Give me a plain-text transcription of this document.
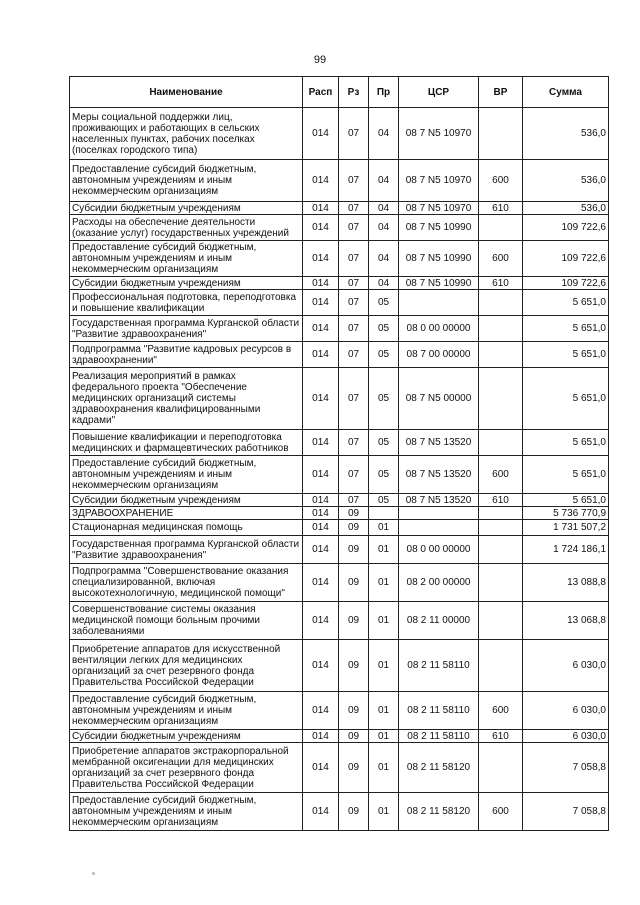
99
Наименование	Расп	Рз	Пр	ЦСР	ВР	Сумма
Меры социальной поддержки лиц, проживающих и работающих в сельских населенных пунктах, рабочих поселках (поселках городского типа)	014	07	04	08 7 N5 10970		536,0
Предоставление субсидий бюджетным, автономным учреждениям и иным некоммерческим организациям	014	07	04	08 7 N5 10970	600	536,0
Субсидии бюджетным учреждениям	014	07	04	08 7 N5 10970	610	536,0
Расходы на обеспечение деятельности (оказание услуг) государственных учреждений	014	07	04	08 7 N5 10990		109 722,6
Предоставление субсидий бюджетным, автономным учреждениям и иным некоммерческим организациям	014	07	04	08 7 N5 10990	600	109 722,6
Субсидии бюджетным учреждениям	014	07	04	08 7 N5 10990	610	109 722,6
Профессиональная подготовка, переподготовка и повышение квалификации	014	07	05			5 651,0
Государственная программа Курганской области "Развитие здравоохранения"	014	07	05	08 0 00 00000		5 651,0
Подпрограмма "Развитие кадровых ресурсов в здравоохранении"	014	07	05	08 7 00 00000		5 651,0
Реализация мероприятий в рамках федерального проекта "Обеспечение медицинских организаций системы здравоохранения квалифицированными кадрами"	014	07	05	08 7 N5 00000		5 651,0
Повышение квалификации и переподготовка медицинских и фармацевтических работников	014	07	05	08 7 N5 13520		5 651,0
Предоставление субсидий бюджетным, автономным учреждениям и иным некоммерческим организациям	014	07	05	08 7 N5 13520	600	5 651,0
Субсидии бюджетным учреждениям	014	07	05	08 7 N5 13520	610	5 651,0
ЗДРАВООХРАНЕНИЕ	014	09				5 736 770,9
Стационарная медицинская помощь	014	09	01			1 731 507,2
Государственная программа Курганской области "Развитие здравоохранения"	014	09	01	08 0 00 00000		1 724 186,1
Подпрограмма "Совершенствование оказания специализированной, включая высокотехнологичную, медицинской помощи"	014	09	01	08 2 00 00000		13 088,8
Совершенствование системы оказания медицинской помощи больным прочими заболеваниями	014	09	01	08 2 11 00000		13 068,8
Приобретение аппаратов для искусственной вентиляции легких для медицинских организаций за счет резервного фонда Правительства Российской Федерации	014	09	01	08 2 11 58110		6 030,0
Предоставление субсидий бюджетным, автономным учреждениям и иным некоммерческим организациям	014	09	01	08 2 11 58110	600	6 030,0
Субсидии бюджетным учреждениям	014	09	01	08 2 11 58110	610	6 030,0
Приобретение аппаратов экстракорпоральной мембранной оксигенации для медицинских организаций за счет резервного фонда Правительства Российской Федерации	014	09	01	08 2 11 58120		7 058,8
Предоставление субсидий бюджетным, автономным учреждениям и иным некоммерческим организациям	014	09	01	08 2 11 58120	600	7 058,8
